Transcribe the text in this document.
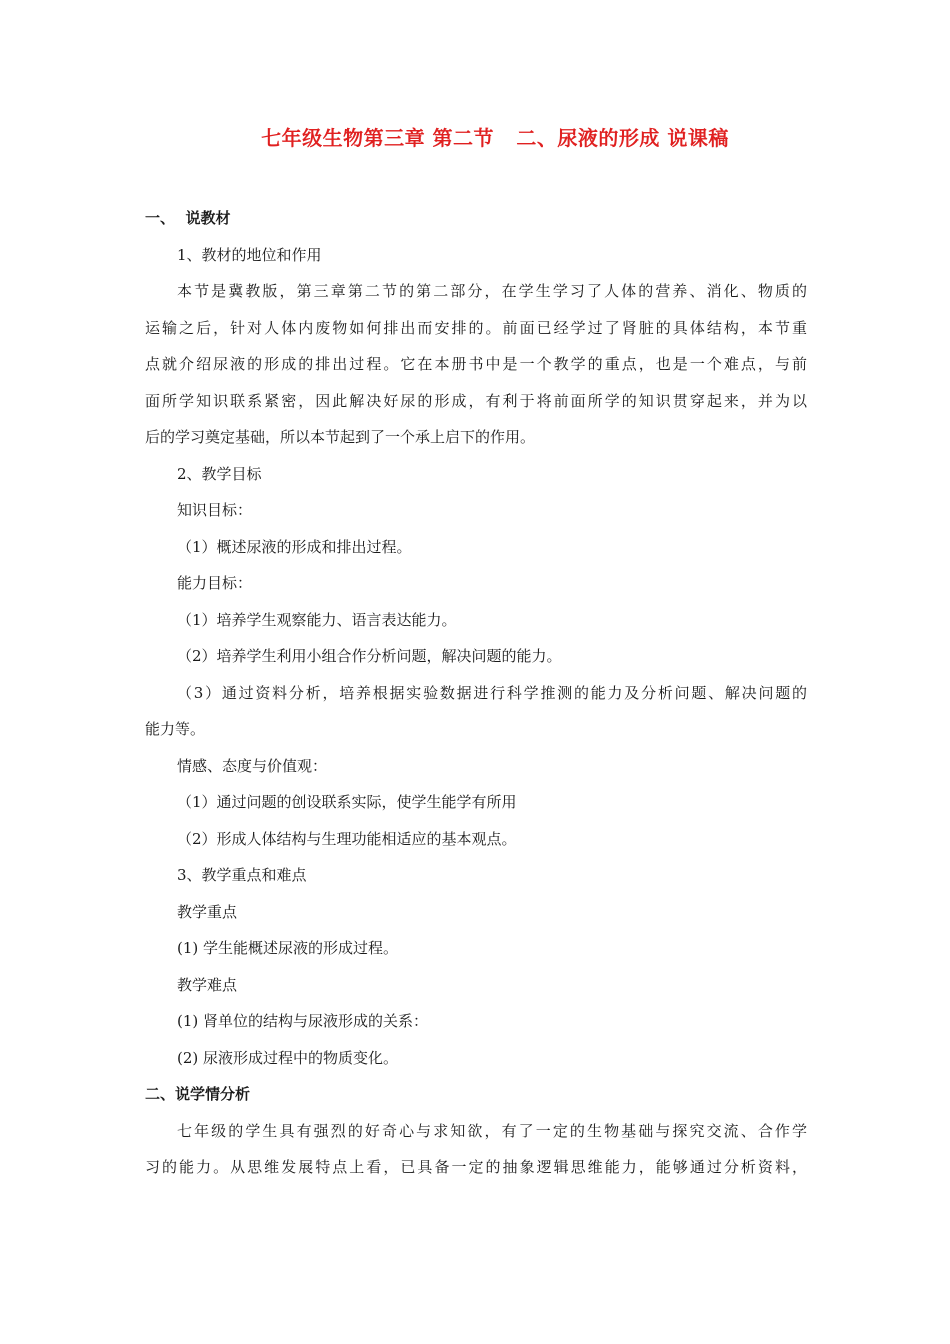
七年级生物第三章 第二节   二、尿液的形成 说课稿
一、  说教材
1、教材的地位和作用
本节是冀教版，第三章第二节的第二部分，在学生学习了人体的营养、消化、物质的
运输之后，针对人体内废物如何排出而安排的。前面已经学过了肾脏的具体结构，本节重
点就介绍尿液的形成的排出过程。它在本册书中是一个教学的重点，也是一个难点，与前
面所学知识联系紧密，因此解决好尿的形成，有利于将前面所学的知识贯穿起来，并为以
后的学习奠定基础，所以本节起到了一个承上启下的作用。
2、教学目标
知识目标：
（1）概述尿液的形成和排出过程。
能力目标：
（1）培养学生观察能力、语言表达能力。
（2）培养学生利用小组合作分析问题，解决问题的能力。
（3）通过资料分析，培养根据实验数据进行科学推测的能力及分析问题、解决问题的
能力等。
情感、态度与价值观：
（1）通过问题的创设联系实际，使学生能学有所用
（2）形成人体结构与生理功能相适应的基本观点。
3、教学重点和难点
教学重点
(1) 学生能概述尿液的形成过程。
教学难点
(1) 肾单位的结构与尿液形成的关系：
(2) 尿液形成过程中的物质变化。
二、说学情分析
七年级的学生具有强烈的好奇心与求知欲，有了一定的生物基础与探究交流、合作学
习的能力。从思维发展特点上看，已具备一定的抽象逻辑思维能力，能够通过分析资料，
